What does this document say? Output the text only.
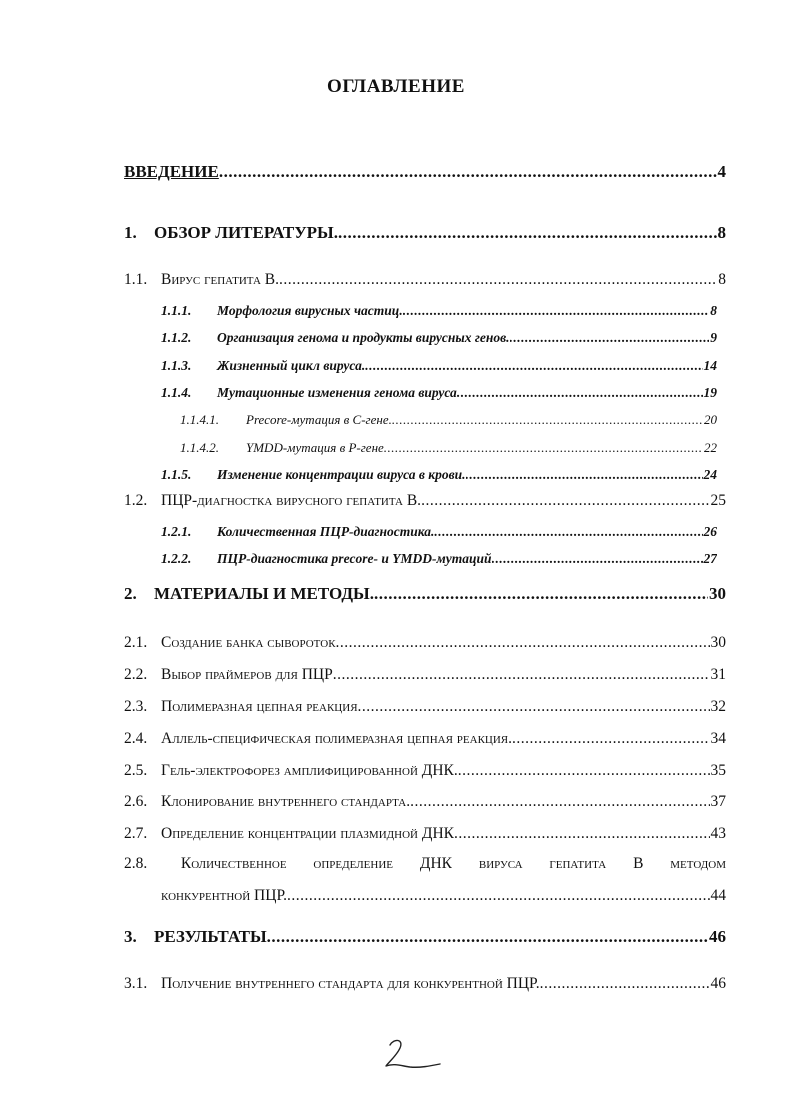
ОГЛАВЛЕНИЕ
ВВЕДЕНИЕ .....	4
1.	ОБЗОР ЛИТЕРАТУРЫ. .....	8
1.1. Вирус гепатита В. .....	8
1.1.1.	Морфология вирусных частиц. .....	8
1.1.2.	Организация генома и продукты вирусных генов. .....	9
1.1.3.	Жизненный цикл вируса. .....	14
1.1.4.	Мутационные изменения генома вируса .....	19
1.1.4.1.	Precore-мутация в С-гене. .....	20
1.1.4.2.	YMDD-мутация в Р-гене .....	22
1.1.5.	Изменение концентрации вируса в крови. .....	24
1.2. ПЦР-диагностка вирусного гепатита В. .....	25
1.2.1.	Количественная ПЦР-диагностика. .....	26
1.2.2.	ПЦР-диагностика precore- и YMDD-мутаций .....	27
2.	МАТЕРИАЛЫ И МЕТОДЫ. .....	30
2.1. Создание банка сывороток .....	30
2.2. Выбор праймеров для ПЦР .....	31
2.3. Полимеразная цепная реакция .....	32
2.4. Аллель-специфическая полимеразная цепная реакция. .....	34
2.5. Гель-электрофорез амплифицированной ДНК. .....	35
2.6. Клонирование внутреннего стандарта. .....	37
2.7. Определение концентрации плазмидной ДНК .....	43
2.8.	Количественное определение ДНК вируса гепатита В методом
конкурентной ПЦР. .....	44
3.	РЕЗУЛЬТАТЫ .....	46
3.1. Получение внутреннего стандарта для конкурентной ПЦР. .....	46
